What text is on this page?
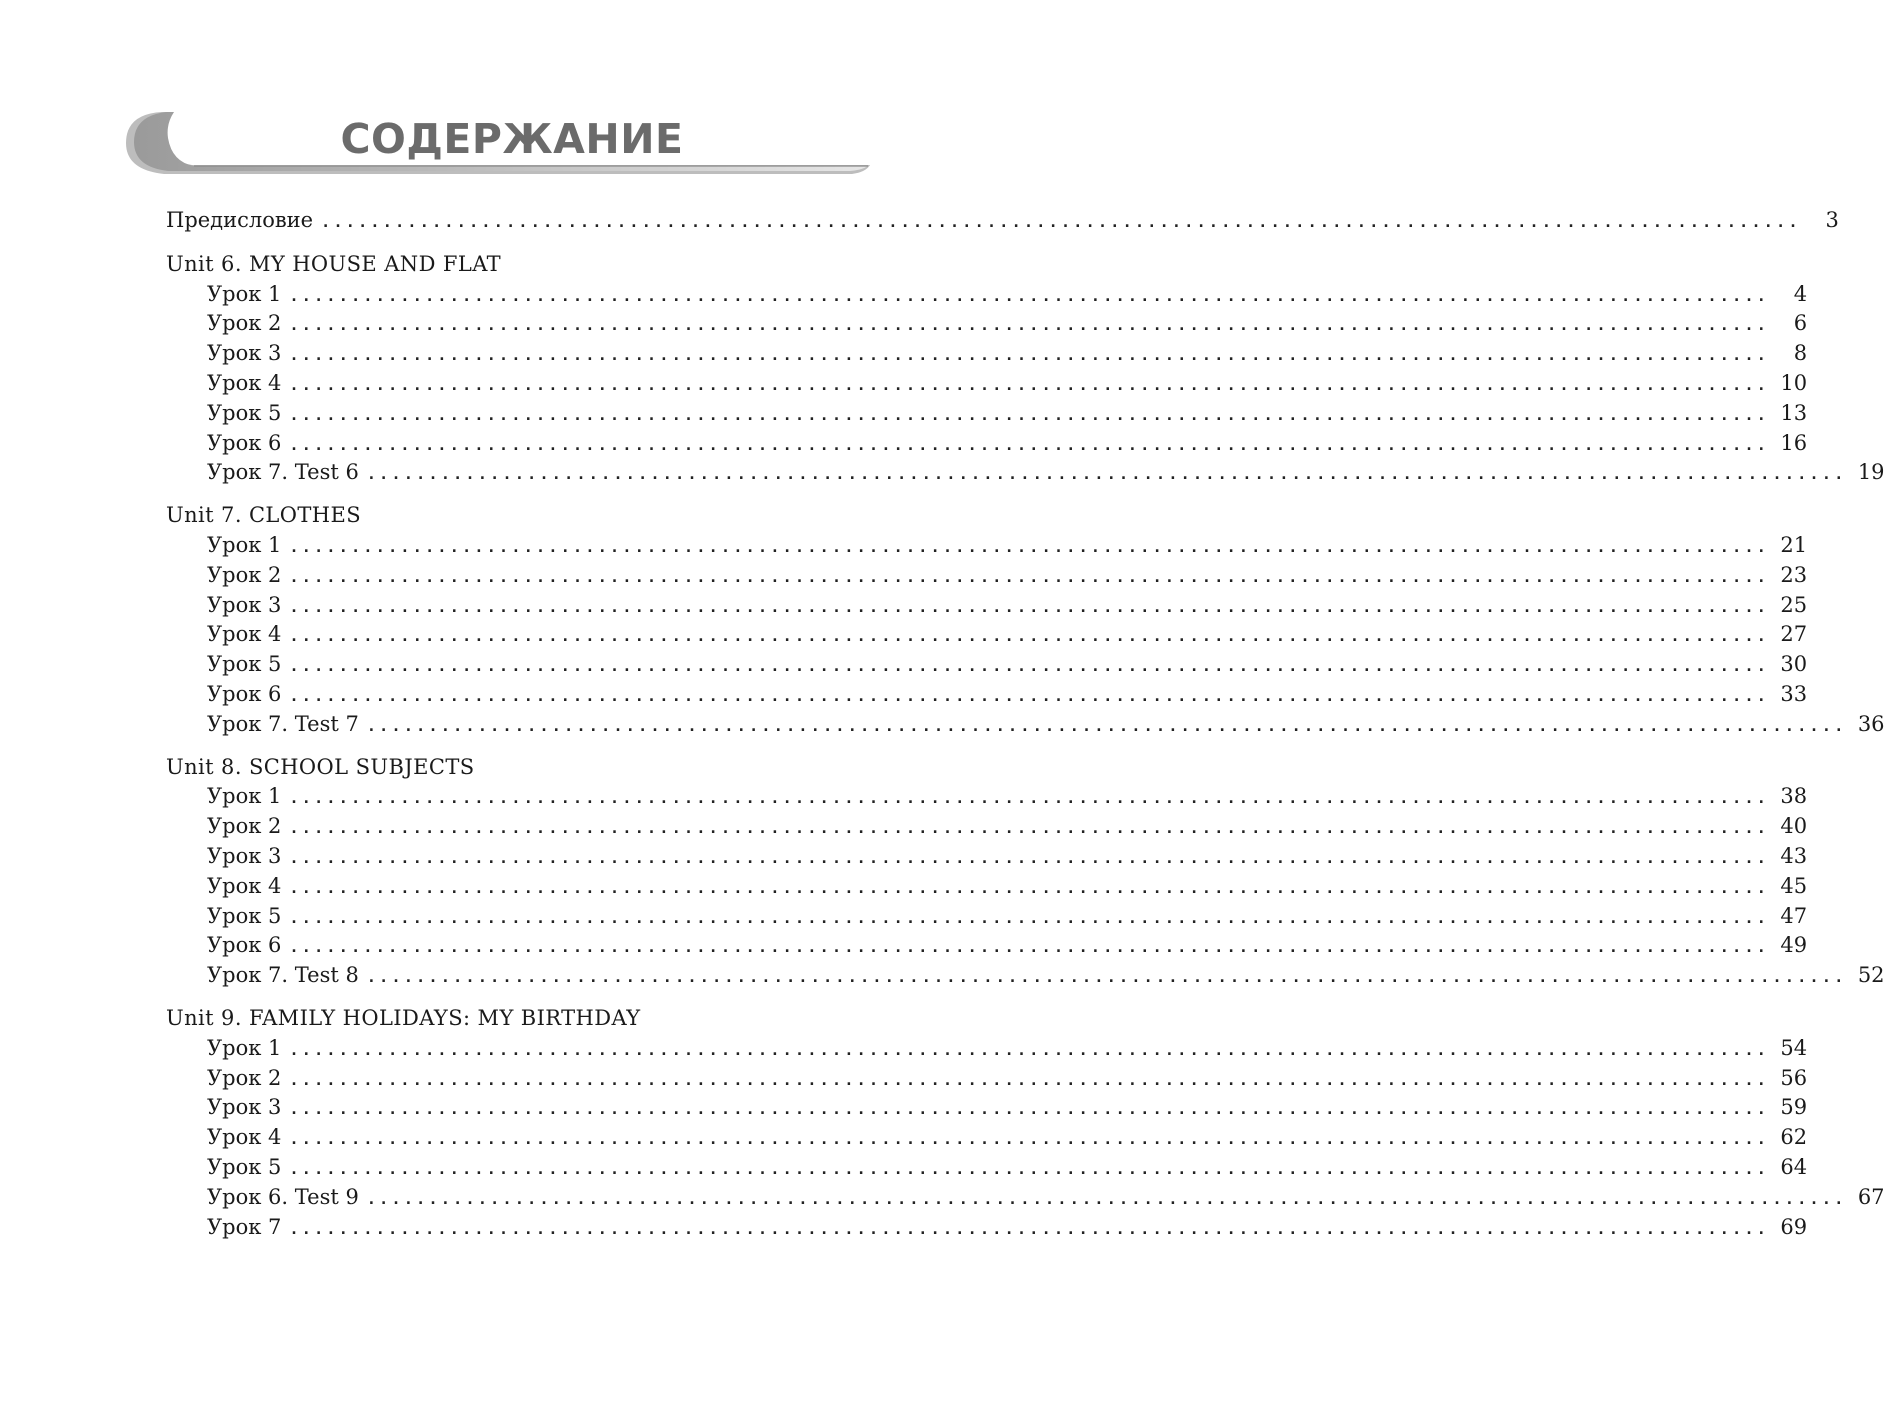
СОДЕРЖАНИЕ
Предисловие ........................................................................................................................	3
Unit 6. MY HOUSE AND FLAT
Урок 1 ........................................................................................................................	4
Урок 2 ........................................................................................................................	6
Урок 3 ........................................................................................................................	8
Урок 4 ........................................................................................................................ 10
Урок 5 ........................................................................................................................ 13
Урок 6 ........................................................................................................................ 16
Урок 7. Test 6 ........................................................................................................................ 19
Unit 7. CLOTHES
Урок 1 ........................................................................................................................ 21
Урок 2 ........................................................................................................................ 23
Урок 3 ........................................................................................................................ 25
Урок 4 ........................................................................................................................ 27
Урок 5 ........................................................................................................................ 30
Урок 6 ........................................................................................................................ 33
Урок 7. Test 7 ........................................................................................................................ 36
Unit 8. SCHOOL SUBJECTS
Урок 1 ........................................................................................................................ 38
Урок 2 ........................................................................................................................ 40
Урок 3 ........................................................................................................................ 43
Урок 4 ........................................................................................................................ 45
Урок 5 ........................................................................................................................ 47
Урок 6 ........................................................................................................................ 49
Урок 7. Test 8 ........................................................................................................................ 52
Unit 9. FAMILY HOLIDAYS: MY BIRTHDAY
Урок 1 ........................................................................................................................ 54
Урок 2 ........................................................................................................................ 56
Урок 3 ........................................................................................................................ 59
Урок 4 ........................................................................................................................ 62
Урок 5 ........................................................................................................................ 64
Урок 6. Test 9 ........................................................................................................................ 67
Урок 7 ........................................................................................................................ 69
